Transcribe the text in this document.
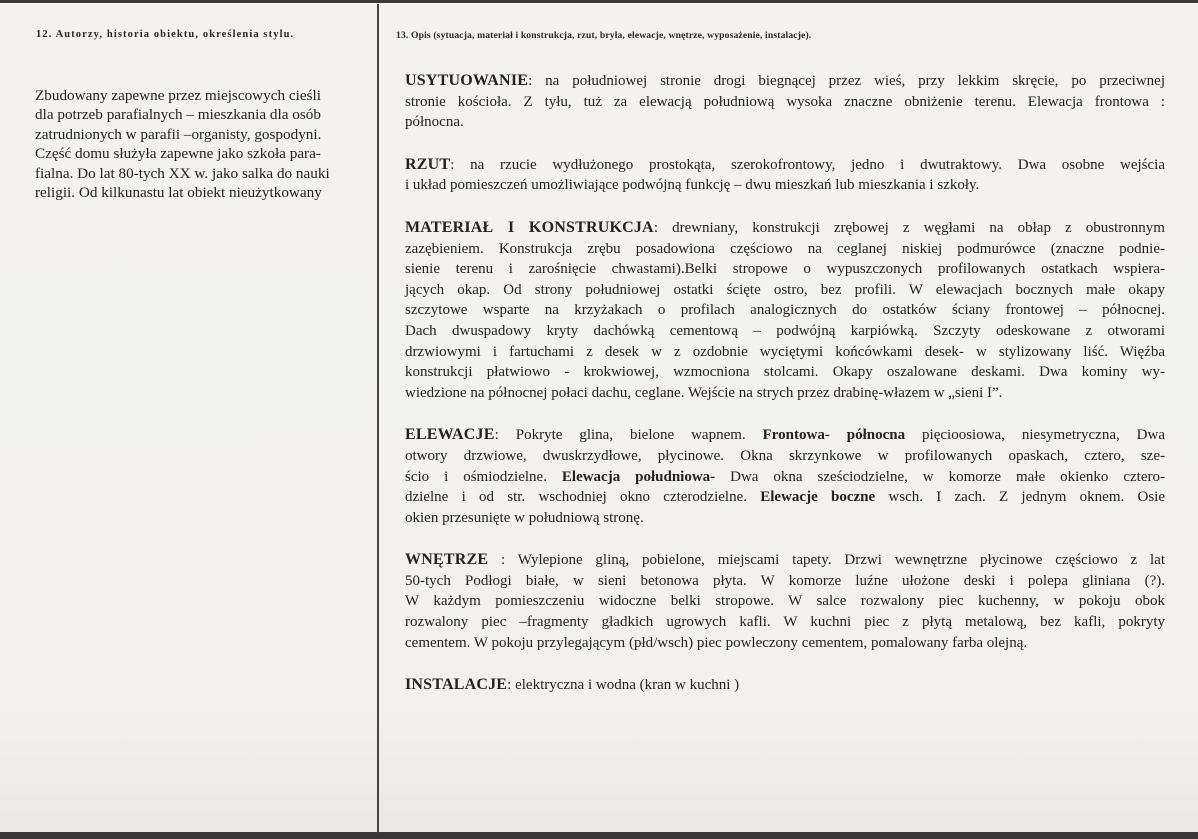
12. Autorzy, historia obiektu, określenia stylu.
Zbudowany zapewne przez miejscowych cieśli
dla potrzeb parafialnych – mieszkania dla osób
zatrudnionych w parafii –organisty, gospodyni.
Część domu służyła zapewne jako szkoła para-
fialna. Do lat 80-tych XX w. jako salka do nauki
religii. Od kilkunastu lat obiekt nieużytkowany
13. Opis (sytuacja, materiał i konstrukcja, rzut, bryła, elewacje, wnętrze, wyposażenie, instalacje).
USYTUOWANIE: na południowej stronie drogi biegnącej przez wieś, przy lekkim skręcie, po przeciwnej
stronie kościoła. Z tyłu, tuż za elewacją południową wysoka znaczne obniżenie terenu. Elewacja frontowa :
północna.
RZUT: na rzucie wydłużonego prostokąta, szerokofrontowy, jedno i dwutraktowy. Dwa osobne wejścia
i układ pomieszczeń umożliwiające podwójną funkcję – dwu mieszkań lub mieszkania i szkoły.
MATERIAŁ I KONSTRUKCJA: drewniany, konstrukcji zrębowej z węgłami na obłap z obustronnym
zazębieniem. Konstrukcja zrębu posadowiona częściowo na ceglanej niskiej podmurówce (znaczne podnie-
sienie terenu i zarośnięcie chwastami).Belki stropowe o wypuszczonych profilowanych ostatkach wspiera-
jących okap. Od strony południowej ostatki ścięte ostro, bez profili. W elewacjach bocznych małe okapy
szczytowe wsparte na krzyżakach o profilach analogicznych do ostatków ściany frontowej – północnej.
Dach dwuspadowy kryty dachówką cementową – podwójną karpiówką. Szczyty odeskowane z otworami
drzwiowymi i fartuchami z desek w z ozdobnie wyciętymi końcówkami desek- w stylizowany liść. Więźba
konstrukcji płatwiowo - krokwiowej, wzmocniona stolcami. Okapy oszalowane deskami. Dwa kominy wy-
wiedzione na północnej połaci dachu, ceglane. Wejście na strych przez drabinę-włazem w „sieni I”.
ELEWACJE: Pokryte glina, bielone wapnem. Frontowa- północna pięcioosiowa, niesymetryczna, Dwa
otwory drzwiowe, dwuskrzydłowe, płycinowe. Okna skrzynkowe w profilowanych opaskach, cztero, sze-
ścio i ośmiodzielne. Elewacja południowa- Dwa okna sześciodzielne, w komorze małe okienko cztero-
dzielne i od str. wschodniej okno czterodzielne. Elewacje boczne wsch. I zach. Z jednym oknem. Osie
okien przesunięte w południową stronę.
WNĘTRZE : Wylepione gliną, pobielone, miejscami tapety. Drzwi wewnętrzne płycinowe częściowo z lat
50-tych Podłogi białe, w sieni betonowa płyta. W komorze luźne ułożone deski i polepa gliniana (?).
W każdym pomieszczeniu widoczne belki stropowe. W salce rozwalony piec kuchenny, w pokoju obok
rozwalony piec –fragmenty gładkich ugrowych kafli. W kuchni piec z płytą metalową, bez kafli, pokryty
cementem. W pokoju przylegającym (płd/wsch) piec powleczony cementem, pomalowany farba olejną.
INSTALACJE: elektryczna i wodna (kran w kuchni )
